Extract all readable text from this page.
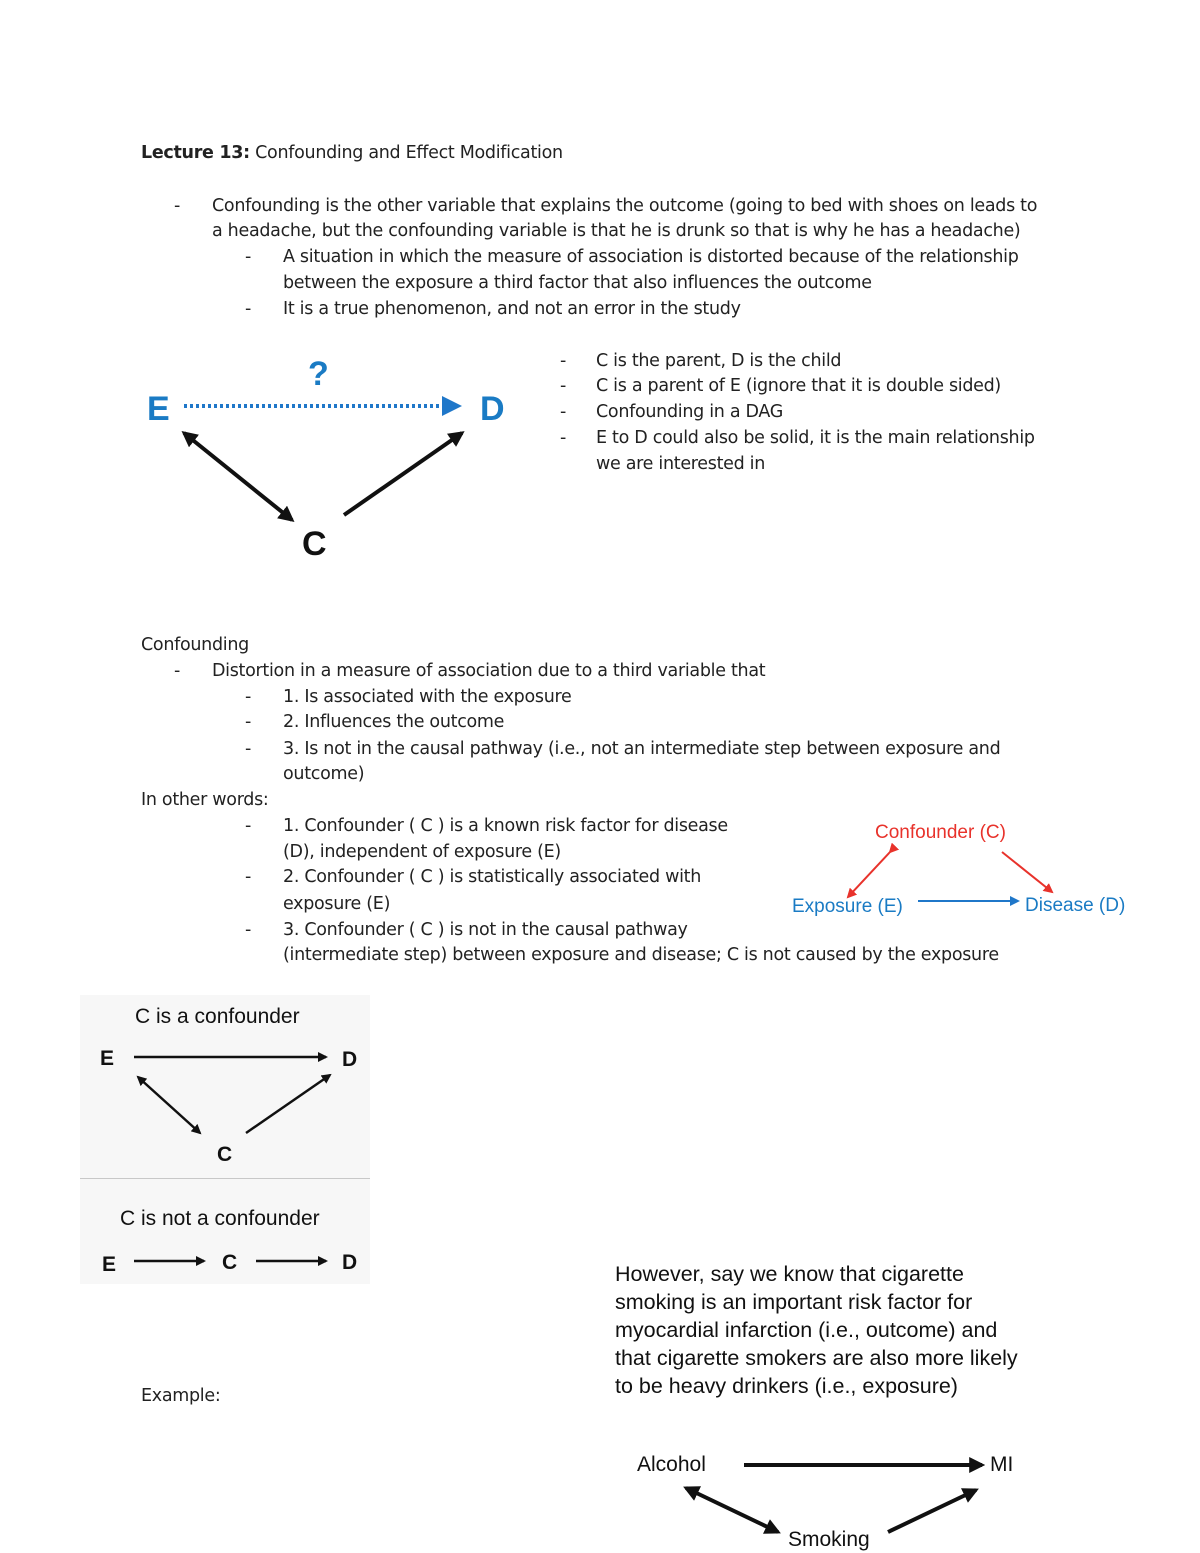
Lecture 13: Confounding and Effect Modification
- Confounding is the other variable that explains the outcome (going to bed with shoes on leads to
a headache, but the confounding variable is that he is drunk so that is why he has a headache)
- A situation in which the measure of association is distorted because of the relationship
between the exposure a third factor that also influences the outcome
- It is a true phenomenon, and not an error in the study
E	D
?
C
- C is the parent, D is the child
- C is a parent of E (ignore that it is double sided)
- Confounding in a DAG
- E to D could also be solid, it is the main relationship
we are interested in
Confounding
- Distortion in a measure of association due to a third variable that
- 1. Is associated with the exposure
- 2. Influences the outcome
- 3. Is not in the causal pathway (i.e., not an intermediate step between exposure and
outcome)
In other words:
- 1. Confounder ( C ) is a known risk factor for disease
(D), independent of exposure (E)
- 2. Confounder ( C ) is statistically associated with
exposure (E)
- 3. Confounder ( C ) is not in the causal pathway
(intermediate step) between exposure and disease; C is not caused by the exposure
Confounder (C)
Exposure (E)	Disease (D)
C is a confounder
E	D
C
C is not a confounder
E	C	D
Example:
However, say we know that cigarette
smoking is an important risk factor for
myocardial infarction (i.e., outcome) and
that cigarette smokers are also more likely
to be heavy drinkers (i.e., exposure)
Alcohol	MI
Smoking
